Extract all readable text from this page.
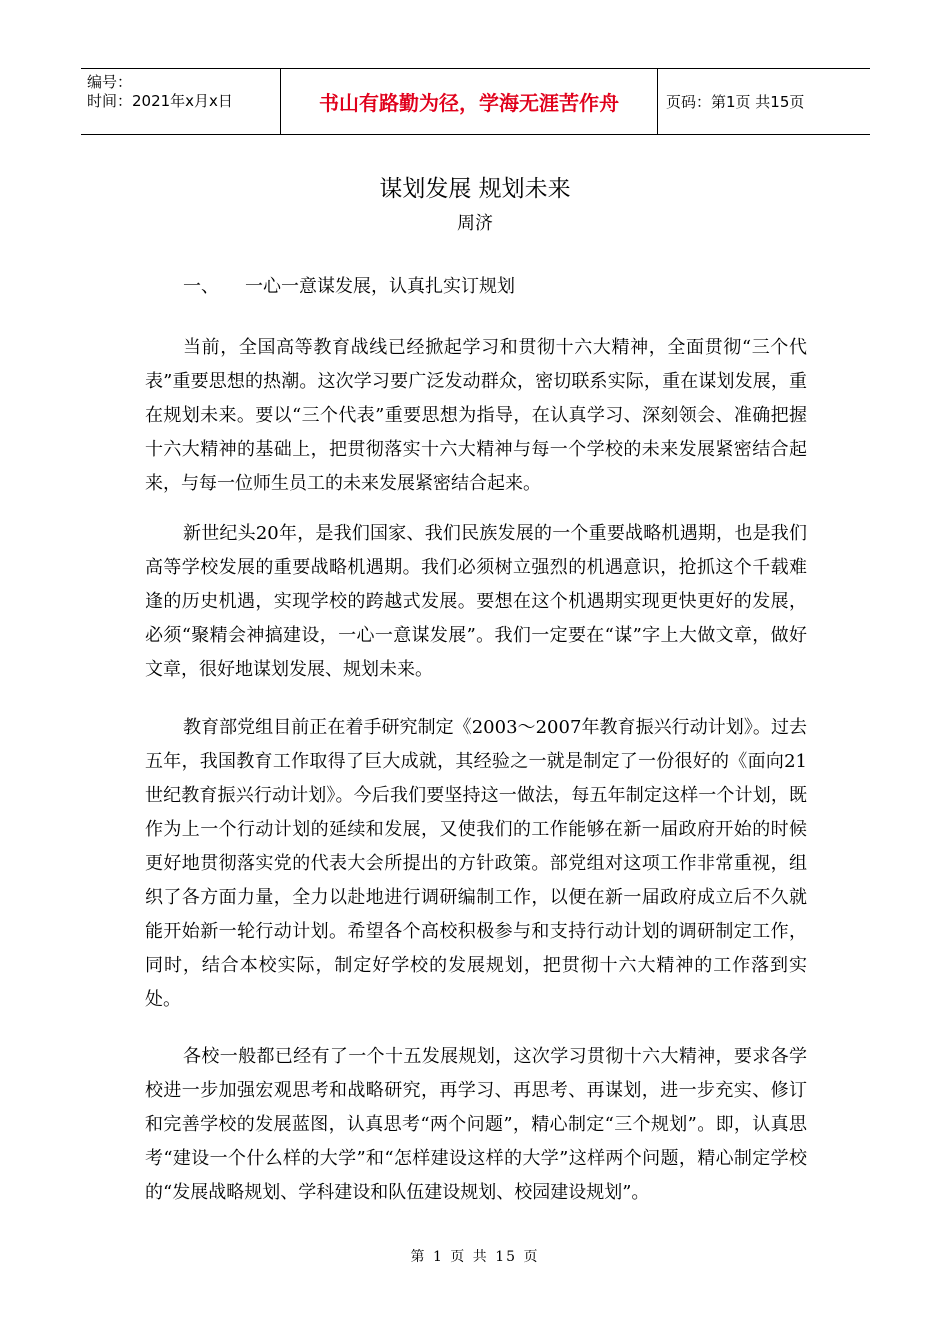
编号：
时间：2021年x月x日	书山有路勤为径，学海无涯苦作舟	页码：第1页 共15页
谋划发展 规划未来
周济
一、 一心一意谋发展，认真扎实订规划

当前，全国高等教育战线已经掀起学习和贯彻十六大精神，全面贯彻“三个代表”重要思想的热潮。这次学习要广泛发动群众，密切联系实际，重在谋划发展，重在规划未来。要以“三个代表”重要思想为指导，在认真学习、深刻领会、准确把握十六大精神的基础上，把贯彻落实十六大精神与每一个学校的未来发展紧密结合起来，与每一位师生员工的未来发展紧密结合起来。

新世纪头20年，是我们国家、我们民族发展的一个重要战略机遇期，也是我们高等学校发展的重要战略机遇期。我们必须树立强烈的机遇意识，抢抓这个千载难逢的历史机遇，实现学校的跨越式发展。要想在这个机遇期实现更快更好的发展，必须“聚精会神搞建设，一心一意谋发展”。我们一定要在“谋”字上大做文章，做好文章，很好地谋划发展、规划未来。

教育部党组目前正在着手研究制定《2003～2007年教育振兴行动计划》。过去五年，我国教育工作取得了巨大成就，其经验之一就是制定了一份很好的《面向21世纪教育振兴行动计划》。今后我们要坚持这一做法，每五年制定这样一个计划，既作为上一个行动计划的延续和发展，又使我们的工作能够在新一届政府开始的时候更好地贯彻落实党的代表大会所提出的方针政策。部党组对这项工作非常重视，组织了各方面力量，全力以赴地进行调研编制工作，以便在新一届政府成立后不久就能开始新一轮行动计划。希望各个高校积极参与和支持行动计划的调研制定工作，同时，结合本校实际，制定好学校的发展规划，把贯彻十六大精神的工作落到实处。

各校一般都已经有了一个十五发展规划，这次学习贯彻十六大精神，要求各学校进一步加强宏观思考和战略研究，再学习、再思考、再谋划，进一步充实、修订和完善学校的发展蓝图，认真思考“两个问题”，精心制定“三个规划”。即，认真思考“建设一个什么样的大学”和“怎样建设这样的大学”这样两个问题，精心制定学校的“发展战略规划、学科建设和队伍建设规划、校园建设规划”。

第 1 页 共 15 页
